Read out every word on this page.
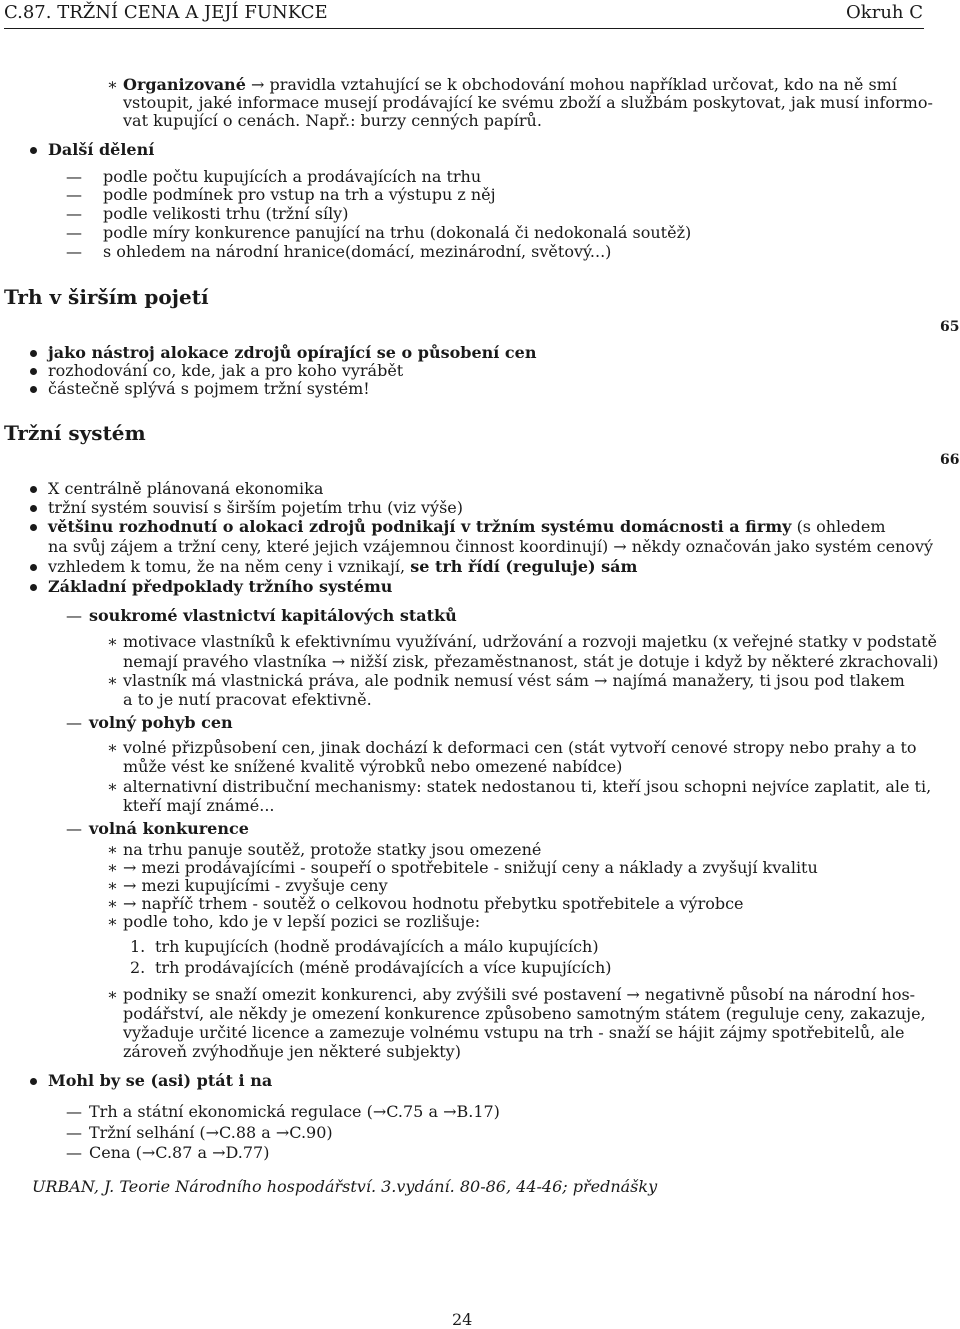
C.87. TRŽNÍ CENA A JEJÍ FUNKCE	Okruh C
∗ Organizované → pravidla vztahující se k obchodování mohou například určovat, kdo na ně smí
vstoupit, jaké informace musejí prodávající ke svému zboží a službám poskytovat, jak musí informo-
vat kupující o cenách. Např.: burzy cenných papírů.
Další dělení
— podle počtu kupujících a prodávajících na trhu
— podle podmínek pro vstup na trh a výstupu z něj
— podle velikosti trhu (tržní síly)
— podle míry konkurence panující na trhu (dokonalá či nedokonalá soutěž)
— s ohledem na národní hranice(domácí, mezinárodní, světový...)
Trh v širším pojetí
65
jako nástroj alokace zdrojů opírající se o působení cen
rozhodování co, kde, jak a pro koho vyrábět
částečně splývá s pojmem tržní systém!
Tržní systém
66
X centrálně plánovaná ekonomika
tržní systém souvisí s širším pojetím trhu (viz výše)
většinu rozhodnutí o alokaci zdrojů podnikají v tržním systému domácnosti a firmy (s ohledem
na svůj zájem a tržní ceny, které jejich vzájemnou činnost koordinují) → někdy označován jako systém cenový
vzhledem k tomu, že na něm ceny i vznikají, se trh řídí (reguluje) sám
Základní předpoklady tržního systému
— soukromé vlastnictví kapitálových statků
∗ motivace vlastníků k efektivnímu využívání, udržování a rozvoji majetku (x veřejné statky v podstatě
nemají pravého vlastníka → nižší zisk, přezaměstnanost, stát je dotuje i když by některé zkrachovali)
∗ vlastník má vlastnická práva, ale podnik nemusí vést sám → najímá manažery, ti jsou pod tlakem
a to je nutí pracovat efektivně.
— volný pohyb cen
∗ volné přizpůsobení cen, jinak dochází k deformaci cen (stát vytvoří cenové stropy nebo prahy a to
může vést ke snížené kvalitě výrobků nebo omezené nabídce)
∗ alternativní distribuční mechanismy: statek nedostanou ti, kteří jsou schopni nejvíce zaplatit, ale ti,
kteří mají známé...
— volná konkurence
∗ na trhu panuje soutěž, protože statky jsou omezené
∗ → mezi prodávajícími - soupeří o spotřebitele - snižují ceny a náklady a zvyšují kvalitu
∗ → mezi kupujícími - zvyšuje ceny
∗ → napříč trhem - soutěž o celkovou hodnotu přebytku spotřebitele a výrobce
∗ podle toho, kdo je v lepší pozici se rozlišuje:
1. trh kupujících (hodně prodávajících a málo kupujících)
2. trh prodávajících (méně prodávajících a více kupujících)
∗ podniky se snaží omezit konkurenci, aby zvýšili své postavení → negativně působí na národní hos-
podářství, ale někdy je omezení konkurence způsobeno samotným státem (reguluje ceny, zakazuje,
vyžaduje určité licence a zamezuje volnému vstupu na trh - snaží se hájit zájmy spotřebitelů, ale
zároveň zvýhodňuje jen některé subjekty)
Mohl by se (asi) ptát i na
— Trh a státní ekonomická regulace (→C.75 a →B.17)
— Tržní selhání (→C.88 a →C.90)
— Cena (→C.87 a →D.77)
URBAN, J. Teorie Národního hospodářství. 3.vydání. 80-86, 44-46; přednášky
24
